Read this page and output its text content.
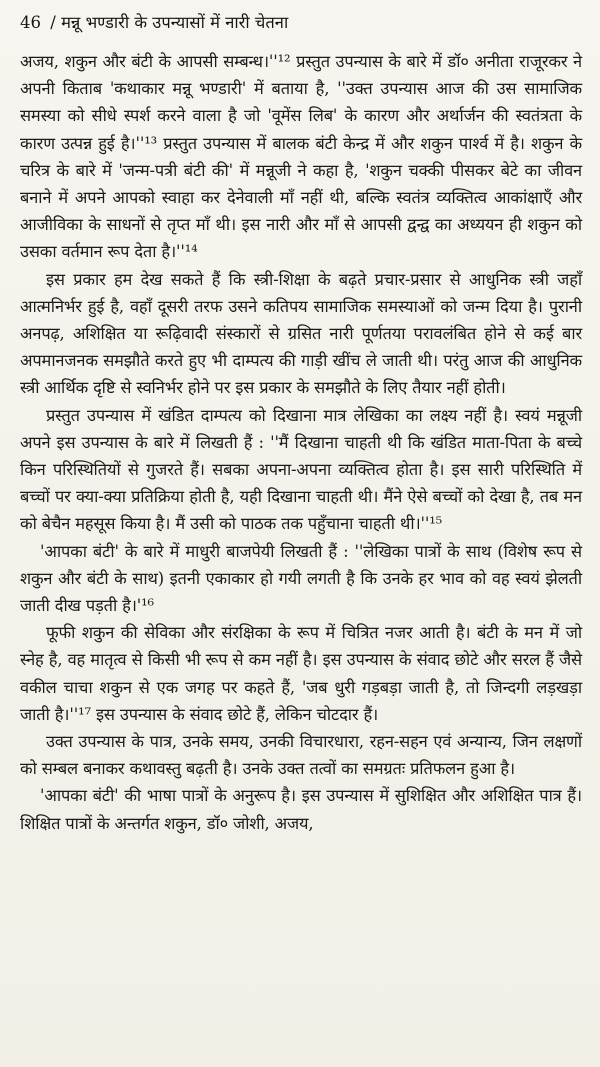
46 / मन्नू भण्डारी के उपन्यासों में नारी चेतना

अजय, शकुन और बंटी के आपसी सम्बन्ध।''¹² प्रस्तुत उपन्यास के बारे में डॉ० अनीता राजूरकर ने अपनी किताब 'कथाकार मन्नू भण्डारी' में बताया है, ''उक्त उपन्यास आज की उस सामाजिक समस्या को सीधे स्पर्श करने वाला है जो 'वूमेंस लिब' के कारण और अर्थार्जन की स्वतंत्रता के कारण उत्पन्न हुई है।''¹³ प्रस्तुत उपन्यास में बालक बंटी केन्द्र में और शकुन पार्श्व में है। शकुन के चरित्र के बारे में 'जन्म-पत्री बंटी की' में मन्नूजी ने कहा है, 'शकुन चक्की पीसकर बेटे का जीवन बनाने में अपने आपको स्वाहा कर देनेवाली माँ नहीं थी, बल्कि स्वतंत्र व्यक्तित्व आकांक्षाएँ और आजीविका के साधनों से तृप्त माँ थी। इस नारी और माँ से आपसी द्वन्द्व का अध्ययन ही शकुन को उसका वर्तमान रूप देता है।''¹⁴

इस प्रकार हम देख सकते हैं कि स्त्री-शिक्षा के बढ़ते प्रचार-प्रसार से आधुनिक स्त्री जहाँ आत्मनिर्भर हुई है, वहाँ दूसरी तरफ उसने कतिपय सामाजिक समस्याओं को जन्म दिया है। पुरानी अनपढ़, अशिक्षित या रूढ़िवादी संस्कारों से ग्रसित नारी पूर्णतया परावलंबित होने से कई बार अपमानजनक समझौते करते हुए भी दाम्पत्य की गाड़ी खींच ले जाती थी। परंतु आज की आधुनिक स्त्री आर्थिक दृष्टि से स्वनिर्भर होने पर इस प्रकार के समझौते के लिए तैयार नहीं होती।

प्रस्तुत उपन्यास में खंडित दाम्पत्य को दिखाना मात्र लेखिका का लक्ष्य नहीं है। स्वयं मन्नूजी अपने इस उपन्यास के बारे में लिखती हैं : ''मैं दिखाना चाहती थी कि खंडित माता-पिता के बच्चे किन परिस्थितियों से गुजरते हैं। सबका अपना-अपना व्यक्तित्व होता है। इस सारी परिस्थिति में बच्चों पर क्या-क्या प्रतिक्रिया होती है, यही दिखाना चाहती थी। मैंने ऐसे बच्चों को देखा है, तब मन को बेचैन महसूस किया है। मैं उसी को पाठक तक पहुँचाना चाहती थी।''¹⁵

'आपका बंटी' के बारे में माधुरी बाजपेयी लिखती हैं : ''लेखिका पात्रों के साथ (विशेष रूप से शकुन और बंटी के साथ) इतनी एकाकार हो गयी लगती है कि उनके हर भाव को वह स्वयं झेलती जाती दीख पड़ती है।'¹⁶

फूफी शकुन की सेविका और संरक्षिका के रूप में चित्रित नजर आती है। बंटी के मन में जो स्नेह है, वह मातृत्व से किसी भी रूप से कम नहीं है। इस उपन्यास के संवाद छोटे और सरल हैं जैसे वकील चाचा शकुन से एक जगह पर कहते हैं, 'जब धुरी गड़बड़ा जाती है, तो जिन्दगी लड़खड़ा जाती है।''¹⁷ इस उपन्यास के संवाद छोटे हैं, लेकिन चोटदार हैं।

उक्त उपन्यास के पात्र, उनके समय, उनकी विचारधारा, रहन-सहन एवं अन्यान्य, जिन लक्षणों को सम्बल बनाकर कथावस्तु बढ़ती है। उनके उक्त तत्वों का समग्रतः प्रतिफलन हुआ है।

'आपका बंटी' की भाषा पात्रों के अनुरूप है। इस उपन्यास में सुशिक्षित और अशिक्षित पात्र हैं। शिक्षित पात्रों के अन्तर्गत शकुन, डॉ० जोशी, अजय,
